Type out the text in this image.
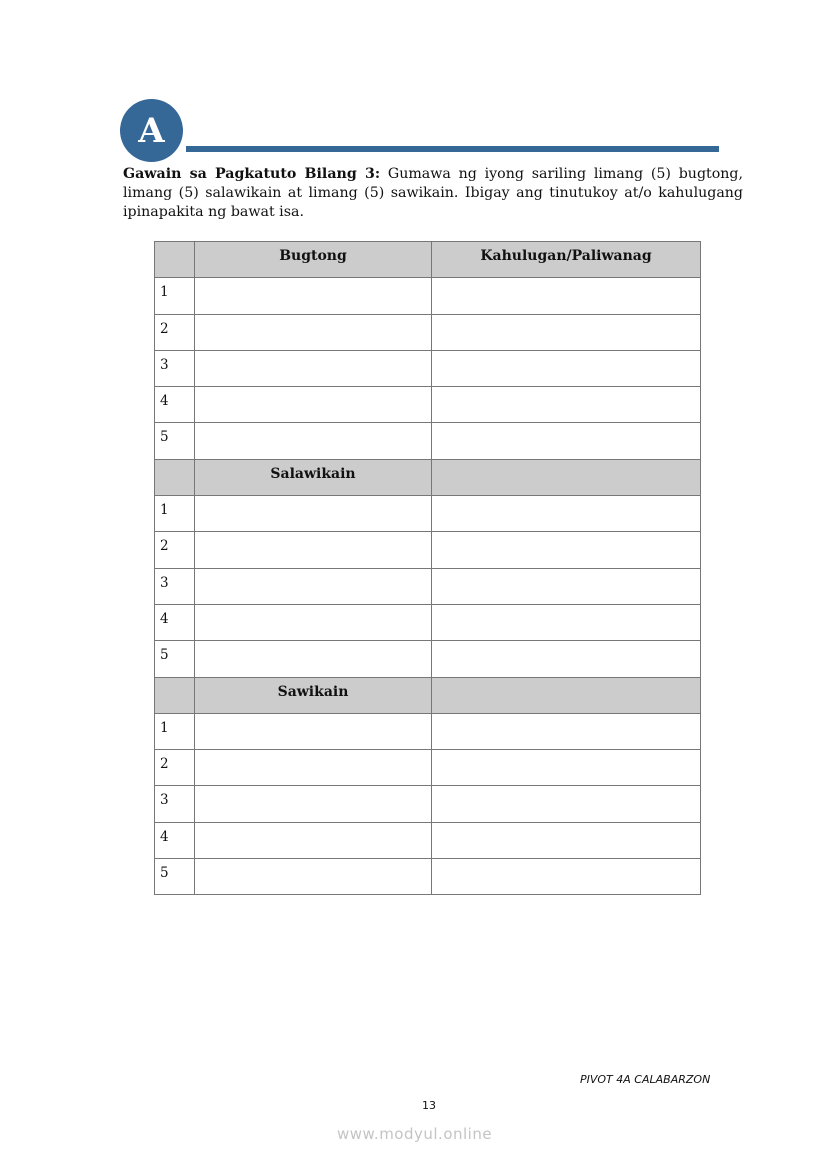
A

Gawain sa Pagkatuto Bilang 3: Gumawa ng iyong sariling limang (5) bugtong, limang (5) salawikain at limang (5) sawikain. Ibigay ang tinutukoy at/o kahulugang ipinapakita ng bawat isa.

	Bugtong	Kahulugan/Paliwanag
1		
2		
3		
4		
5		
	Salawikain	
1		
2		
3		
4		
5		
	Sawikain	
1		
2		
3		
4		
5		
PIVOT 4A CALABARZON
13
www.modyul.online
